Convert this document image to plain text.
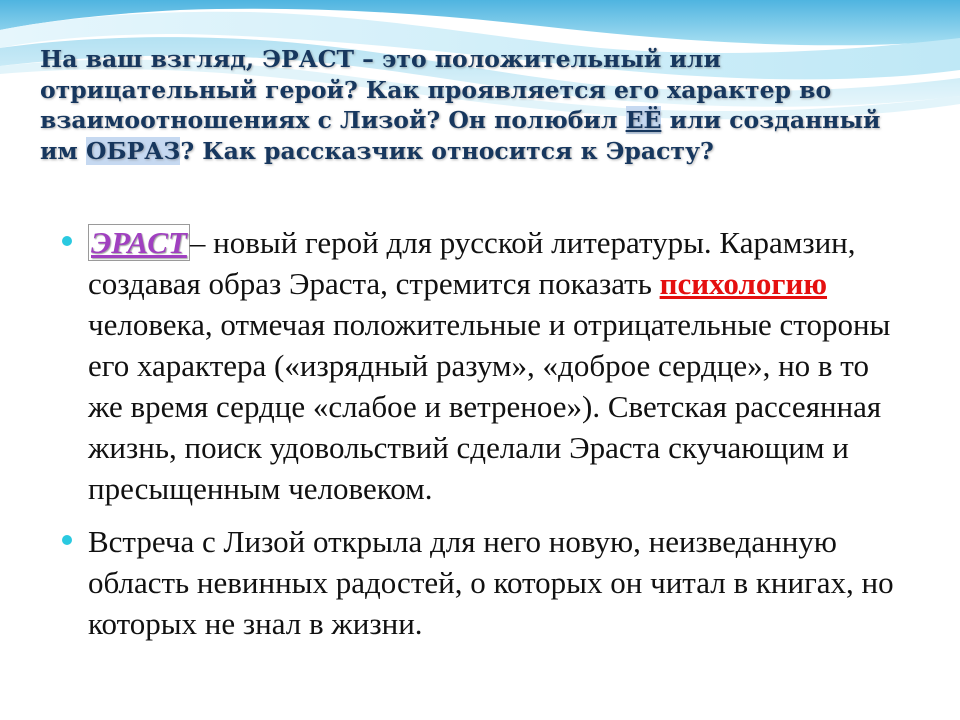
На ваш взгляд, ЭРАСТ – это положительный или отрицательный герой? Как проявляется его характер во взаимоотношениях с Лизой? Он полюбил ЕЁ или созданный им ОБРАЗ? Как рассказчик относится к Эрасту?
ЭРАСТ– новый герой для русской литературы. Карамзин, создавая образ Эраста, стремится показать психологию человека, отмечая положительные и отрицательные стороны его характера («изрядный разум», «доброе сердце», но в то же время сердце «слабое и ветреное»). Светская рассеянная жизнь, поиск удовольствий сделали Эраста скучающим и пресыщенным человеком.
Встреча с Лизой открыла для него новую, неизведанную область невинных радостей, о которых он читал в книгах, но которых не знал в жизни.
